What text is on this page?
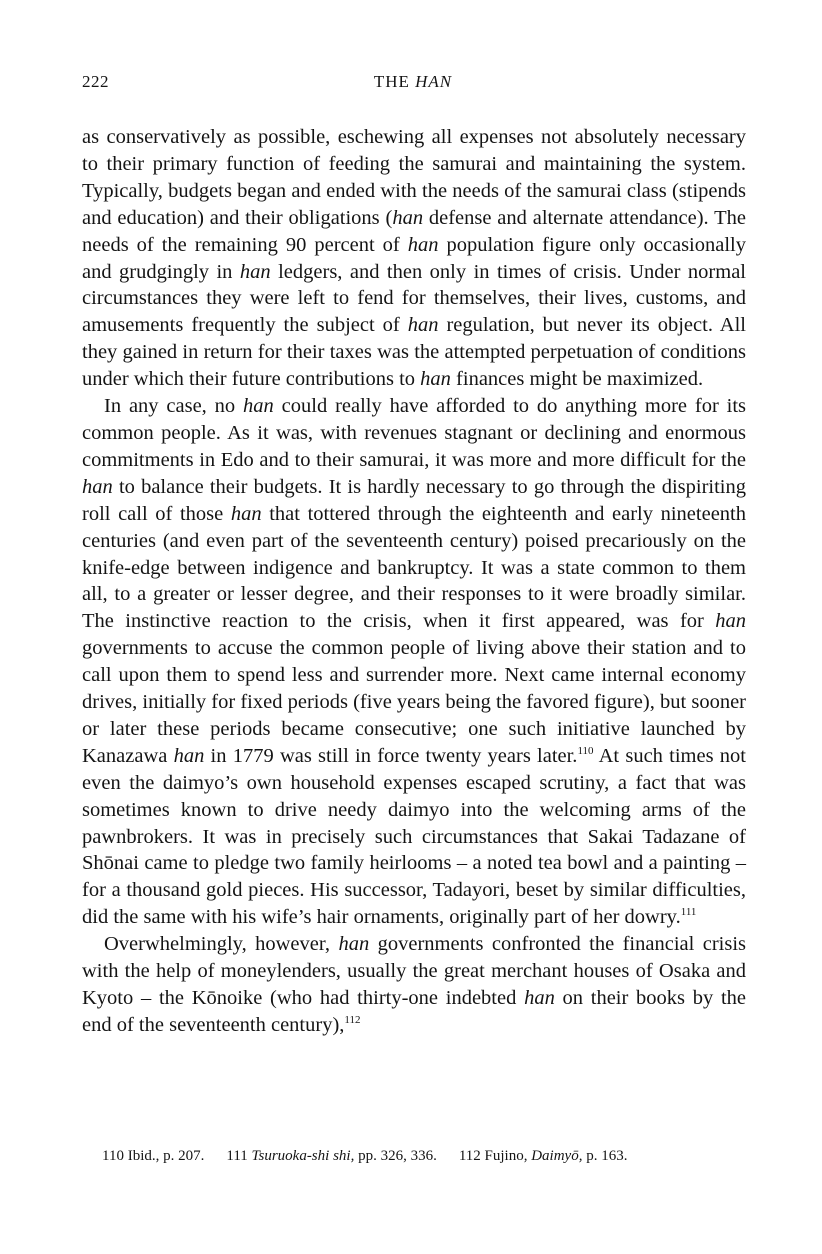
222	THE HAN

as conservatively as possible, eschewing all expenses not absolutely necessary to their primary function of feeding the samurai and maintaining the system. Typically, budgets began and ended with the needs of the samurai class (stipends and education) and their obligations (han defense and alternate attendance). The needs of the remaining 90 percent of han population figure only occasionally and grudgingly in han ledgers, and then only in times of crisis. Under normal circumstances they were left to fend for themselves, their lives, customs, and amusements frequently the subject of han regulation, but never its object. All they gained in return for their taxes was the attempted perpetuation of conditions under which their future contributions to han finances might be maximized.

In any case, no han could really have afforded to do anything more for its common people. As it was, with revenues stagnant or declining and enormous commitments in Edo and to their samurai, it was more and more difficult for the han to balance their budgets. It is hardly necessary to go through the dispiriting roll call of those han that tottered through the eighteenth and early nineteenth centuries (and even part of the seventeenth century) poised precariously on the knife-edge between indigence and bankruptcy. It was a state common to them all, to a greater or lesser degree, and their responses to it were broadly similar. The instinctive reaction to the crisis, when it first appeared, was for han governments to accuse the common people of living above their station and to call upon them to spend less and surrender more. Next came internal economy drives, initially for fixed periods (five years being the favored figure), but sooner or later these periods became consecutive; one such initiative launched by Kanazawa han in 1779 was still in force twenty years later.$^{110}$ At such times not even the daimyo’s own household expenses escaped scrutiny, a fact that was sometimes known to drive needy daimyo into the welcoming arms of the pawnbrokers. It was in precisely such circumstances that Sakai Tadazane of Shōnai came to pledge two family heirlooms – a noted tea bowl and a painting – for a thousand gold pieces. His successor, Tadayori, beset by similar difficulties, did the same with his wife’s hair ornaments, originally part of her dowry.$^{111}$

Overwhelmingly, however, han governments confronted the financial crisis with the help of moneylenders, usually the great merchant houses of Osaka and Kyoto – the Kōnoike (who had thirty-one indebted han on their books by the end of the seventeenth century),$^{112}$

110 Ibid., p. 207. 111 Tsuruoka-shi shi, pp. 326, 336. 112 Fujino, Daimyō, p. 163.
